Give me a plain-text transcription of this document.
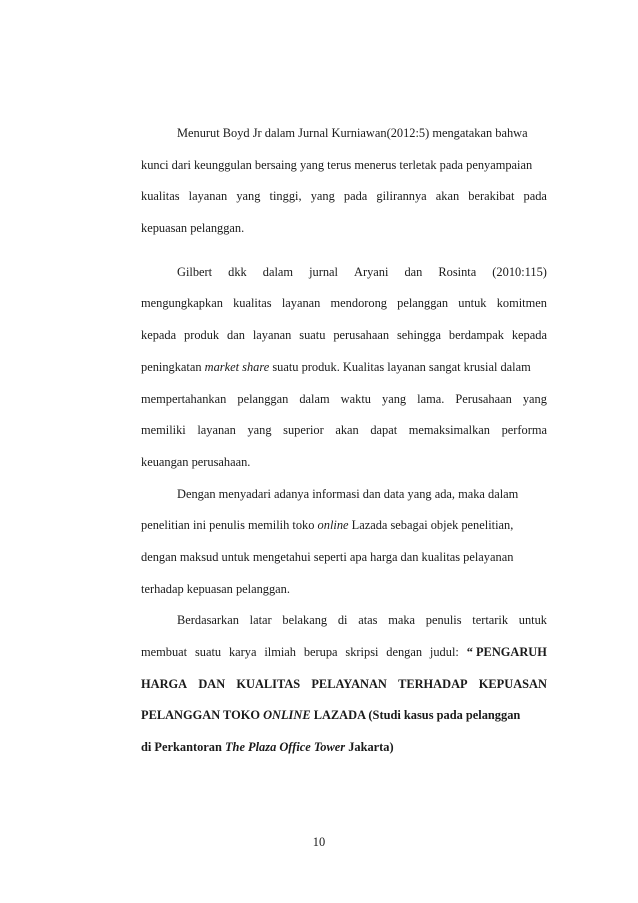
Menurut Boyd Jr dalam Jurnal Kurniawan(2012:5) mengatakan bahwa
kunci dari keunggulan bersaing yang terus menerus terletak pada penyampaian
kualitas layanan yang tinggi, yang pada gilirannya akan berakibat pada
kepuasan pelanggan.
Gilbert dkk dalam jurnal Aryani dan Rosinta (2010:115)
mengungkapkan kualitas layanan mendorong pelanggan untuk komitmen
kepada produk dan layanan suatu perusahaan sehingga berdampak kepada
peningkatan market share suatu produk. Kualitas layanan sangat krusial dalam
mempertahankan pelanggan dalam waktu yang lama. Perusahaan yang
memiliki layanan yang superior akan dapat memaksimalkan performa
keuangan perusahaan.
Dengan menyadari adanya informasi dan data yang ada, maka dalam
penelitian ini penulis memilih toko online Lazada sebagai objek penelitian,
dengan maksud untuk mengetahui seperti apa harga dan kualitas pelayanan
terhadap kepuasan pelanggan.
Berdasarkan latar belakang di atas maka penulis tertarik untuk
membuat suatu karya ilmiah berupa skripsi dengan judul: “ PENGARUH
HARGA DAN KUALITAS PELAYANAN TERHADAP KEPUASAN
PELANGGAN TOKO ONLINE LAZADA (Studi kasus pada pelanggan
di Perkantoran The Plaza Office Tower Jakarta)
10
